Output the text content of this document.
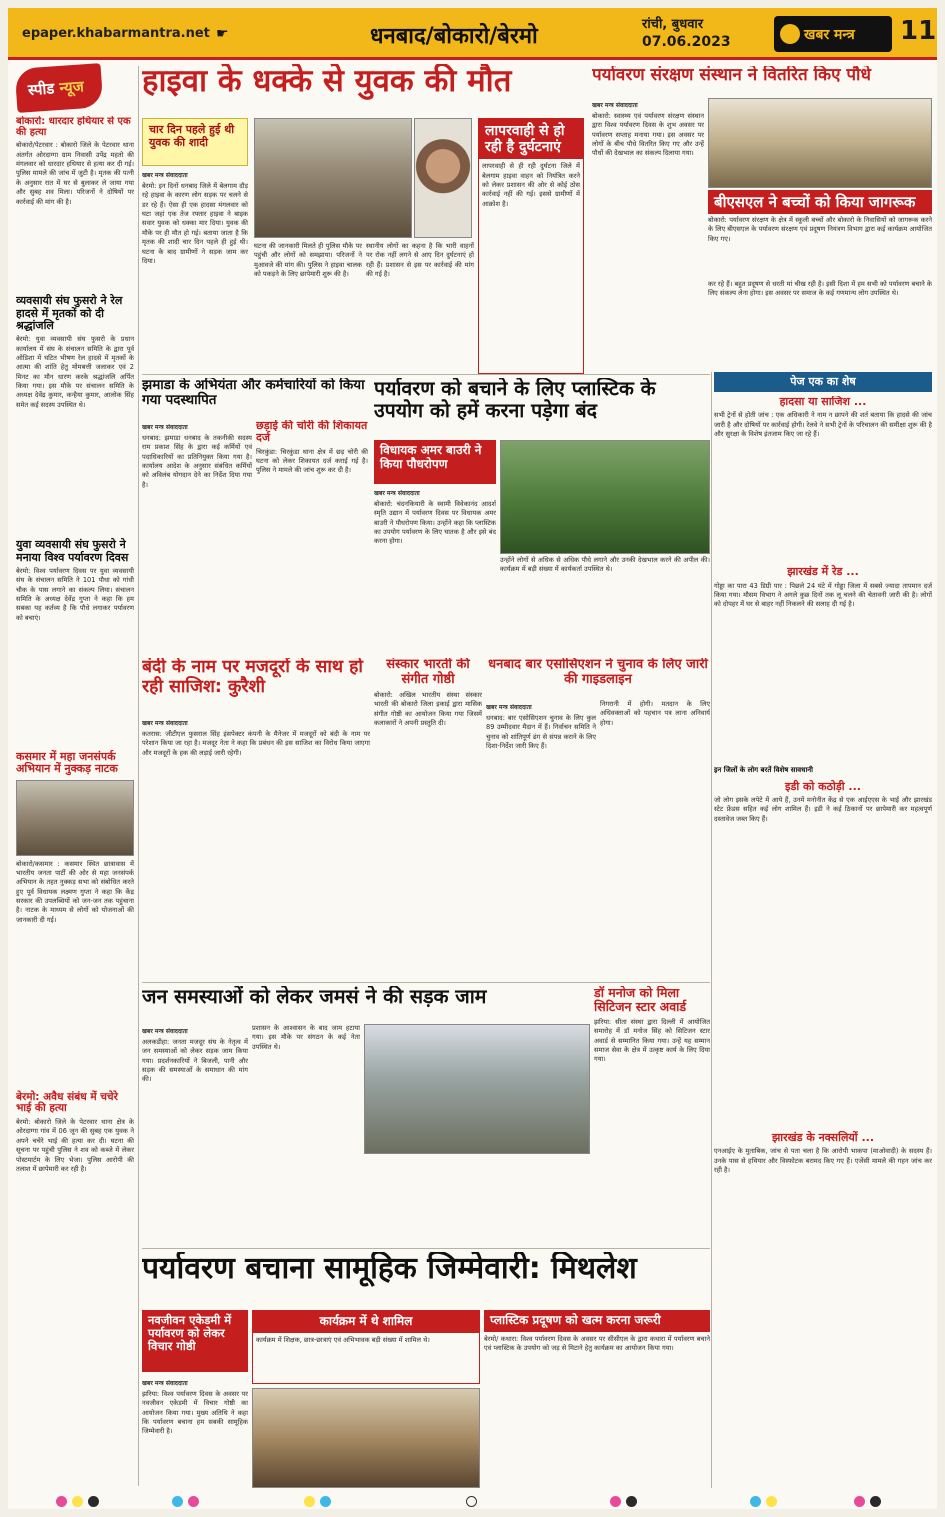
epaper.khabarmantra.net ☛	धनबाद/बोकारो/बेरमो	रांची, बुधवार
07.06.2023	खबर मन्त्र	11
स्पीड न्यूज
बोकारो: धारदार हथियार से एक की हत्या
बोकारो/पेटरवार : बोकारो जिले के पेटरवार थाना अंतर्गत ओरदाग्गा ग्राम निवासी उपेंद्र महतो की मंगलवार को धारदार हथियार से हत्या कर दी गई। पुलिस मामले की जांच में जुटी है। मृतक की पत्नी के अनुसार रात में घर से बुलाकर ले जाया गया और सुबह शव मिला। परिजनों ने दोषियों पर कार्रवाई की मांग की है।
व्यवसायी संघ फुसरो ने रेल हादसे में मृतकों को दी श्रद्धांजलि
बेरमो: युवा व्यवसायी संघ फुसरो के प्रधान कार्यालय में संघ के संचालन समिति के द्वारा पूर्व ओडिशा में घटित भीषण रेल हादसे में मृतकों के आत्मा की शांति हेतु मोमबत्ती जलाकर एवं 2 मिनट का मौन धारण करके श्रद्धांजलि अर्पित किया गया। इस मौके पर संचालन समिति के अध्यक्ष देवेंद्र कुमार, कन्हैया कुमार, आलोक सिंह समेत कई सदस्य उपस्थित थे।
युवा व्यवसायी संघ फुसरो ने मनाया विश्व पर्यावरण दिवस
बेरमो: विश्व पर्यावरण दिवस पर युवा व्यवसायी संघ के संचालन समिति ने 101 पौधा को गांधी चौक के पास लगाने का संकल्प लिया। संचालन समिति के अध्यक्ष देवेंद्र गुप्ता ने कहा कि हम सबका यह कर्तव्य है कि पौधे लगाकर पर्यावरण को बचाएं।
कसमार में महा जनसंपर्क अभियान में नुक्कड़ नाटक
बोकारो/कसमार : कसमार स्थित छात्रावास में भारतीय जनता पार्टी की ओर से महा जनसंपर्क अभियान के तहत नुक्कड़ सभा को संबोधित करते हुए पूर्व विधायक लक्ष्मण गुप्ता ने कहा कि केंद्र सरकार की उपलब्धियों को जन-जन तक पहुंचाना है। नाटक के माध्यम से लोगों को योजनाओं की जानकारी दी गई।
बेरमो: अवैध संबंध में चचेरे भाई की हत्या
बेरमो: बोकारो जिले के पेटरवार थाना क्षेत्र के ओरदाग्गा गांव में 06 जून की सुबह एक युवक ने अपने चचेरे भाई की हत्या कर दी। घटना की सूचना पर पहुंची पुलिस ने शव को कब्जे में लेकर पोस्टमार्टम के लिए भेजा। पुलिस आरोपी की तलाश में छापेमारी कर रही है।
हाइवा के धक्के से युवक की मौत
चार दिन पहले हुई थी युवक की शादी
खबर मन्त्र संवाददाता
बेरमो: इन दिनों धनबाद जिले में बेलगाम दौड़ रहे हाइवा के कारण लोग सड़क पर चलने से डर रहे हैं। ऐसा ही एक हादसा मंगलवार को घटा जहां एक तेज रफ्तार हाइवा ने बाइक सवार युवक को धक्का मार दिया। युवक की मौके पर ही मौत हो गई। बताया जाता है कि मृतक की शादी चार दिन पहले ही हुई थी। घटना के बाद ग्रामीणों ने सड़क जाम कर दिया।
घटना की जानकारी मिलते ही पुलिस मौके पर पहुंची और लोगों को समझाया। परिजनों ने मुआवजे की मांग की। पुलिस ने हाइवा चालक को पकड़ने के लिए छापेमारी शुरू की है।
स्थानीय लोगों का कहना है कि भारी वाहनों पर रोक नहीं लगने से आए दिन दुर्घटनाएं हो रही हैं। प्रशासन से इस पर कार्रवाई की मांग की गई है।
लापरवाही से हो रही है दुर्घटनाएं
लापरवाही से ही रही दुर्घटना जिले में बेलगाम हाइवा वाहन को नियंत्रित करने को लेकर प्रशासन की ओर से कोई ठोस कार्रवाई नहीं की गई। इससे ग्रामीणों में आक्रोश है।
पर्यावरण संरक्षण संस्थान ने वितरित किए पौधे
खबर मन्त्र संवाददाता
बोकारो: स्वास्थ्य एवं पर्यावरण संरक्षण संस्थान द्वारा विश्व पर्यावरण दिवस के शुभ अवसर पर पर्यावरण सप्ताह मनाया गया। इस अवसर पर लोगों के बीच पौधे वितरित किए गए और उन्हें पौधों की देखभाल का संकल्प दिलाया गया।
बीएसएल ने बच्चों को किया जागरूक
बोकारो: पर्यावरण संरक्षण के क्षेत्र में स्कूली बच्चों और बोकारो के निवासियों को जागरूक करने के लिए बीएसएल के पर्यावरण संरक्षण एवं प्रदूषण नियंत्रण विभाग द्वारा कई कार्यक्रम आयोजित किए गए।
कर रहे हैं। बहुत प्रदूषण से धरती मां चीख रही है। इसी दिशा में हम सभी को पर्यावरण बचाने के लिए संकल्प लेना होगा। इस अवसर पर समाज के कई गणमान्य लोग उपस्थित थे।
झमाडा के अभियंता और कर्मचारियों को किया गया पदस्थापित
खबर मन्त्र संवाददाता
धनबाद: झमाडा धनबाद के तकनीकी सदस्य राम प्रकाश सिंह के द्वारा कई कर्मियों एवं पदाधिकारियों का प्रतिनियुक्त किया गया है। कार्यालय आदेश के अनुसार संबंधित कर्मियों को अविलंब योगदान देने का निर्देश दिया गया है।
छड़ाई की चोरी की शिकायत दर्ज
चिरकुंडा: चिरकुंडा थाना क्षेत्र में छड़ चोरी की घटना को लेकर शिकायत दर्ज कराई गई है। पुलिस ने मामले की जांच शुरू कर दी है।
पर्यावरण को बचाने के लिए प्लास्टिक के उपयोग को हमें करना पड़ेगा बंद
विधायक अमर बाउरी ने किया पौधरोपण
खबर मन्त्र संवाददाता
बोकारो: चंदनकियारी के स्वामी विवेकानंद आदर्श स्मृति उद्यान में पर्यावरण दिवस पर विधायक अमर बाउरी ने पौधरोपण किया। उन्होंने कहा कि प्लास्टिक का उपयोग पर्यावरण के लिए घातक है और इसे बंद करना होगा।
उन्होंने लोगों से अधिक से अधिक पौधे लगाने और उनकी देखभाल करने की अपील की। कार्यक्रम में बड़ी संख्या में कार्यकर्ता उपस्थित थे।
पेज एक का शेष
हादसा या साजिश ...
सभी ट्रेनों से होती जांच : एक अधिकारी ने नाम न छापने की शर्त बताया कि हादसे की जांच जारी है और दोषियों पर कार्रवाई होगी। रेलवे ने सभी ट्रेनों के परिचालन की समीक्षा शुरू की है और सुरक्षा के विशेष इंतजाम किए जा रहे हैं।
झारखंड में रेड ...
गोड्डा का पारा 43 डिग्री पार : पिछले 24 घंटे में गोड्डा जिला में सबसे ज्यादा तापमान दर्ज किया गया। मौसम विभाग ने अगले कुछ दिनों तक लू चलने की चेतावनी जारी की है। लोगों को दोपहर में घर से बाहर नहीं निकलने की सलाह दी गई है।
इन जिलों के लोग बरतें विशेष सावधानी
इडी को कठोड़ी ...
जो लोग इसके लपेटे में आये हैं, उनमें मनोनीत केंद्र से एक आईएएस के भाई और झारखंड स्टेट फ्रेंडस सहित कई लोग शामिल हैं। इडी ने कई ठिकानों पर छापेमारी कर महत्वपूर्ण दस्तावेज जब्त किए हैं।
झारखंड के नक्सलियों ...
एनआईए के मुताबिक, जांच से पता चला है कि आरोपी भाकपा (माओवादी) के सदस्य हैं। उनके पास से हथियार और विस्फोटक बरामद किए गए हैं। एजेंसी मामले की गहन जांच कर रही है।
बंदी के नाम पर मजदूरों के साथ हो रही साजिश: कुरैशी
खबर मन्त्र संवाददाता
कतरास: जीटीएल फुसराल सिंह इंसपेक्टर कंपनी के मैनेजर में मजदूरों को बंदी के नाम पर परेशान किया जा रहा है। मजदूर नेता ने कहा कि प्रबंधन की इस साजिश का विरोध किया जाएगा और मजदूरों के हक की लड़ाई जारी रहेगी।
संस्कार भारती की संगीत गोष्ठी
बोकारो: अखिल भारतीय संस्था संस्कार भारती की बोकारो जिला इकाई द्वारा मासिक संगीत गोष्ठी का आयोजन किया गया जिसमें कलाकारों ने अपनी प्रस्तुति दी।
धनबाद बार एसोसिएशन ने चुनाव के लिए जारी की गाइडलाइन
खबर मन्त्र संवाददाता
धनबाद: बार एसोसिएशन चुनाव के लिए कुल 89 उम्मीदवार मैदान में हैं। निर्वाचन समिति ने चुनाव को शांतिपूर्ण ढंग से संपन्न कराने के लिए दिशा-निर्देश जारी किए हैं।
निगरानी में होगी। मतदान के लिए अधिवक्ताओं को पहचान पत्र लाना अनिवार्य होगा।
जन समस्याओं को लेकर जमसं ने की सड़क जाम
खबर मन्त्र संवाददाता
अलकडीहा: जनता मजदूर संघ के नेतृत्व में जन समस्याओं को लेकर सड़क जाम किया गया। प्रदर्शनकारियों ने बिजली, पानी और सड़क की समस्याओं के समाधान की मांग की।
प्रशासन के आश्वासन के बाद जाम हटाया गया। इस मौके पर संगठन के कई नेता उपस्थित थे।
डॉ मनोज को मिला सिटिजन स्टार अवार्ड
झरिया: सीता संस्था द्वारा दिल्ली में आयोजित समारोह में डॉ मनोज सिंह को सिटिजन स्टार अवार्ड से सम्मानित किया गया। उन्हें यह सम्मान समाज सेवा के क्षेत्र में उत्कृष्ट कार्य के लिए दिया गया।
पर्यावरण बचाना सामूहिक जिम्मेवारी: मिथलेश
नवजीवन एकेडमी में पर्यावरण को लेकर विचार गोष्ठी
खबर मन्त्र संवाददाता
झरिया: विश्व पर्यावरण दिवस के अवसर पर नवजीवन एकेडमी में विचार गोष्ठी का आयोजन किया गया। मुख्य अतिथि ने कहा कि पर्यावरण बचाना हम सबकी सामूहिक जिम्मेवारी है।
कार्यक्रम में थे शामिल
कार्यक्रम में शिक्षक, छात्र-छात्राएं एवं अभिभावक बड़ी संख्या में शामिल थे।
प्लास्टिक प्रदूषण को खत्म करना जरूरी
बेरमो/ कथारा: विश्व पर्यावरण दिवस के अवसर पर सीसीएल के द्वारा कथारा में पर्यावरण बचाने एवं प्लास्टिक के उपयोग को जड़ से मिटाने हेतु कार्यक्रम का आयोजन किया गया।
